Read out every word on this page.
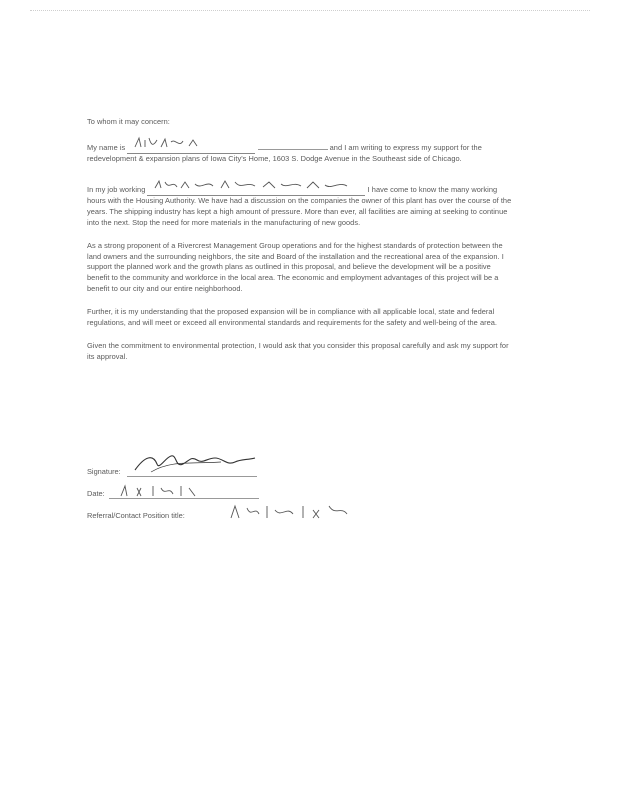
To whom it may concern:

My name is	and I am writing to express my support for the redevelopment & expansion plans of Iowa City's Home, 1603 S. Dodge Avenue in the Southeast side of Chicago.

In my job working	I have come to know the many working hours with the Housing Authority. We have had a discussion on the companies the owner of this plant has over the course of the years. The shipping industry has kept a high amount of pressure. More than ever, all facilities are aiming at seeking to continue into the next. Stop the need for more materials in the manufacturing of new goods.

As a strong proponent of a Rivercrest Management Group operations and for the highest standards of protection between the land owners and the surrounding neighbors, the site and Board of the installation and the recreational area of the expansion. I support the planned work and the growth plans as outlined in this proposal, and believe the development will be a positive benefit to the community and workforce in the local area. The economic and employment advantages of this project will be a benefit to our city and our entire neighborhood.

Further, it is my understanding that the proposed expansion will be in compliance with all applicable local, state and federal regulations, and will meet or exceed all environmental standards and requirements for the safety and well-being of the area.

Given the commitment to environmental protection, I would ask that you consider this proposal carefully and ask my support for its approval.

Signature:
Date:
Referral/Contact Position title:
